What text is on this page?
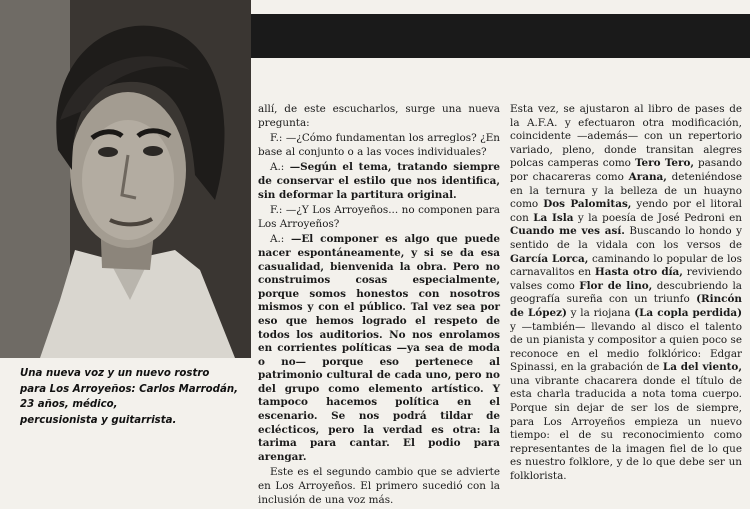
Una nueva voz y un nuevo rostro
para Los Arroyeños: Carlos Marrodán,
23 años, médico,
percusionista y guitarrista.

allí, de este escucharlos, surge una nueva pregunta:

F.: —¿Cómo fundamentan los arreglos? ¿En base al conjunto o a las voces individuales?

A.: —Según el tema, tratando siempre de conservar el estilo que nos identifica, sin deformar la partitura original.

F.: —¿Y Los Arroyeños... no componen para Los Arroyeños?

A.: —El componer es algo que puede nacer espontáneamente, y si se da esa casualidad, bienvenida la obra. Pero no construimos cosas especialmente, porque somos honestos con nosotros mismos y con el público. Tal vez sea por eso que hemos logrado el respeto de todos los auditorios. No nos enrolamos en corrientes políticas —ya sea de moda o no— porque eso pertenece al patrimonio cultural de cada uno, pero no del grupo como elemento artístico. Y tampoco hacemos política en el escenario. Se nos podrá tildar de eclécticos, pero la verdad es otra: la tarima para cantar. El podio para arengar.

Este es el segundo cambio que se advierte en Los Arroyeños. El primero sucedió con la inclusión de una voz más.

Esta vez, se ajustaron al libro de pases de la A.F.A. y efectuaron otra modificación, coincidente —además— con un repertorio variado, pleno, donde transitan alegres polcas camperas como Tero Tero, pasando por chacareras como Arana, deteniéndose en la ternura y la belleza de un huayno como Dos Palomitas, yendo por el litoral con La Isla y la poesía de José Pedroni en Cuando me ves así. Buscando lo hondo y sentido de la vidala con los versos de García Lorca, caminando lo popular de los carnavalitos en Hasta otro día, reviviendo valses como Flor de lino, descubriendo la geografía sureña con un triunfo (Rincón de López) y la riojana (La copla perdida) y —también— llevando al disco el talento de un pianista y compositor a quien poco se reconoce en el medio folklórico: Edgar Spinassi, en la grabación de La del viento, una vibrante chacarera donde el título de esta charla traducida a nota toma cuerpo. Porque sin dejar de ser los de siempre, para Los Arroyeños empieza un nuevo tiempo: el de su reconocimiento como representantes de la imagen fiel de lo que es nuestro folklore, y de lo que debe ser un folklorista.
